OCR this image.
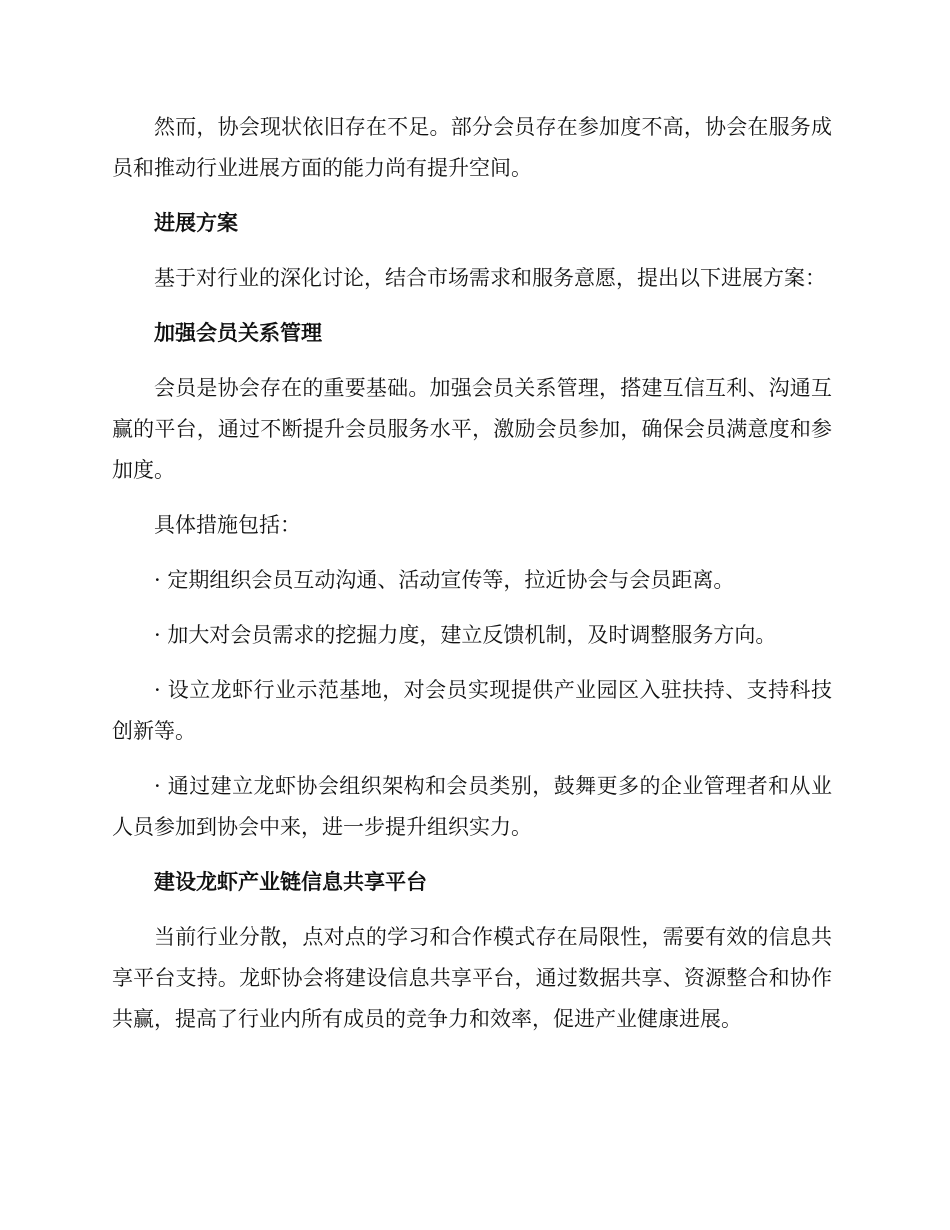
然而，协会现状依旧存在不足。部分会员存在参加度不高，协会在服务成员和推动行业进展方面的能力尚有提升空间。

进展方案

基于对行业的深化讨论，结合市场需求和服务意愿，提出以下进展方案：

加强会员关系管理

会员是协会存在的重要基础。加强会员关系管理，搭建互信互利、沟通互赢的平台，通过不断提升会员服务水平，激励会员参加，确保会员满意度和参加度。

具体措施包括：

· 定期组织会员互动沟通、活动宣传等，拉近协会与会员距离。

· 加大对会员需求的挖掘力度，建立反馈机制，及时调整服务方向。

· 设立龙虾行业示范基地，对会员实现提供产业园区入驻扶持、支持科技创新等。

· 通过建立龙虾协会组织架构和会员类别，鼓舞更多的企业管理者和从业人员参加到协会中来，进一步提升组织实力。

建设龙虾产业链信息共享平台

当前行业分散，点对点的学习和合作模式存在局限性，需要有效的信息共享平台支持。龙虾协会将建设信息共享平台，通过数据共享、资源整合和协作共赢，提高了行业内所有成员的竞争力和效率，促进产业健康进展。
